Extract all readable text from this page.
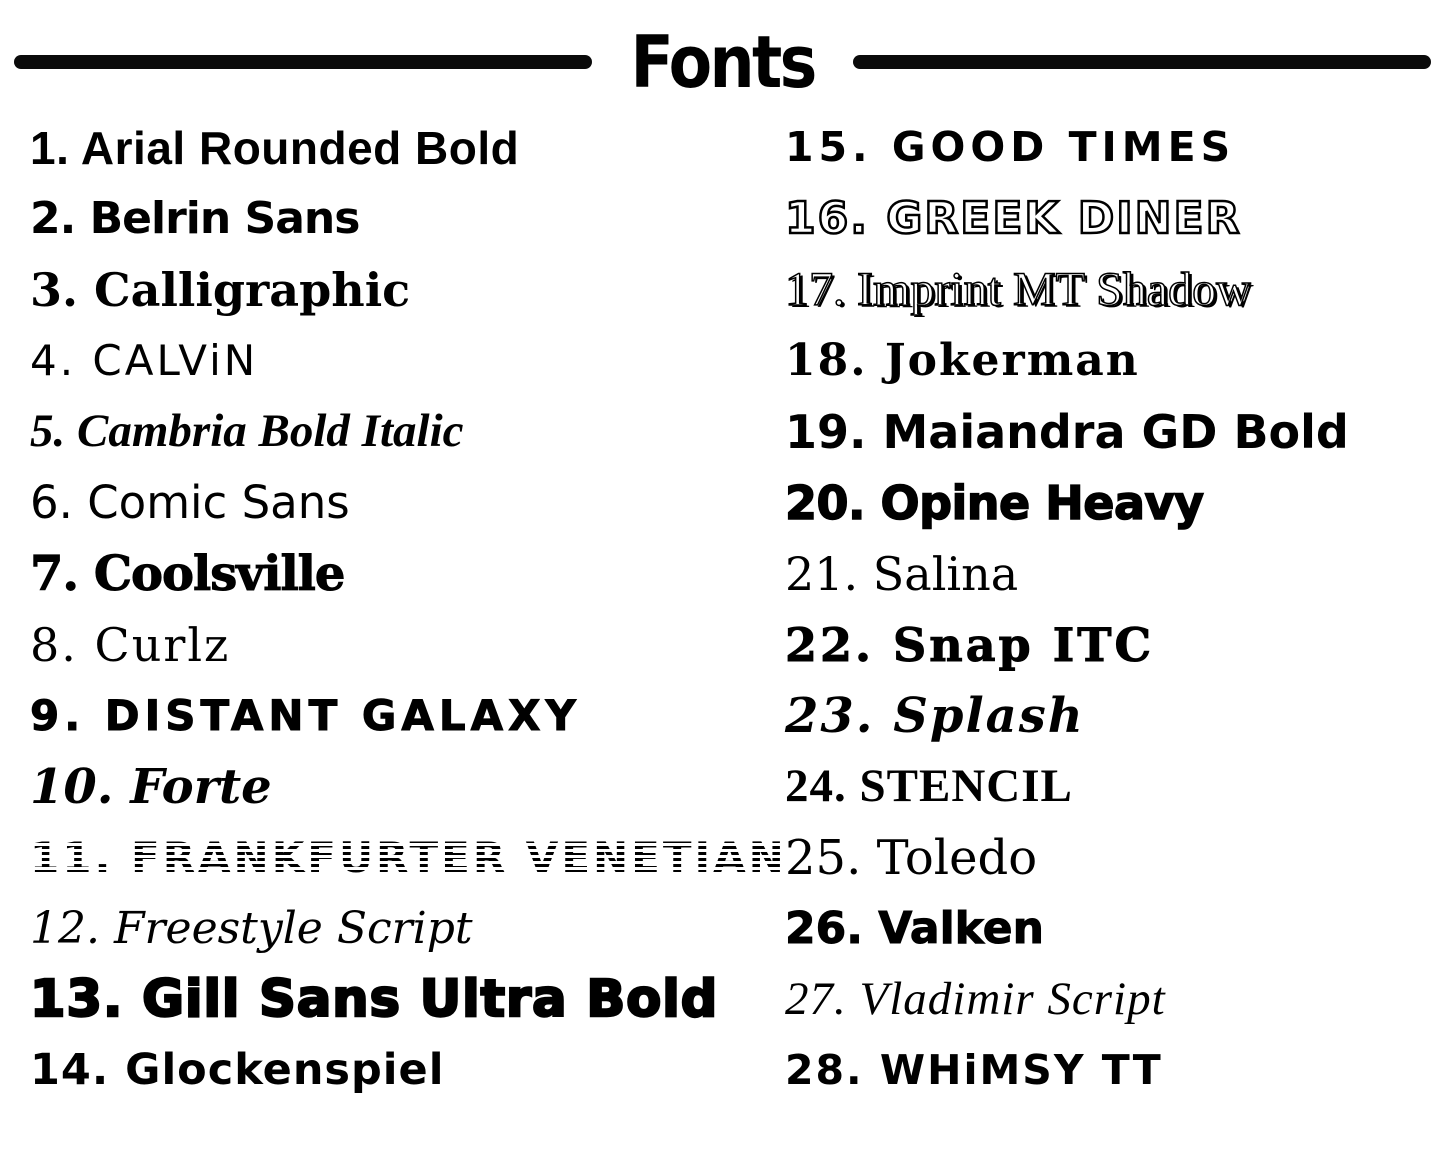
Fonts
1. Arial Rounded Bold
2. Belrin Sans
3. Calligraphic
4. CALViN
5. Cambria Bold Italic
6. Comic Sans
7. Coolsville
8. Curlz
9. DISTANT GALAXY
10. Forte
11. FRANKFURTER VENETIAN
12. Freestyle Script
13. Gill Sans Ultra Bold
14. Glockenspiel
15. GOOD TIMES
16. GREEK DINER
17. Imprint MT Shadow
18. Jokerman
19. Maiandra GD Bold
20. Opine Heavy
21. Salina
22. Snap ITC
23. Splash
24. STENCIL
25. Toledo
26. Valken
27. Vladimir Script
28. WHiMSY TT
